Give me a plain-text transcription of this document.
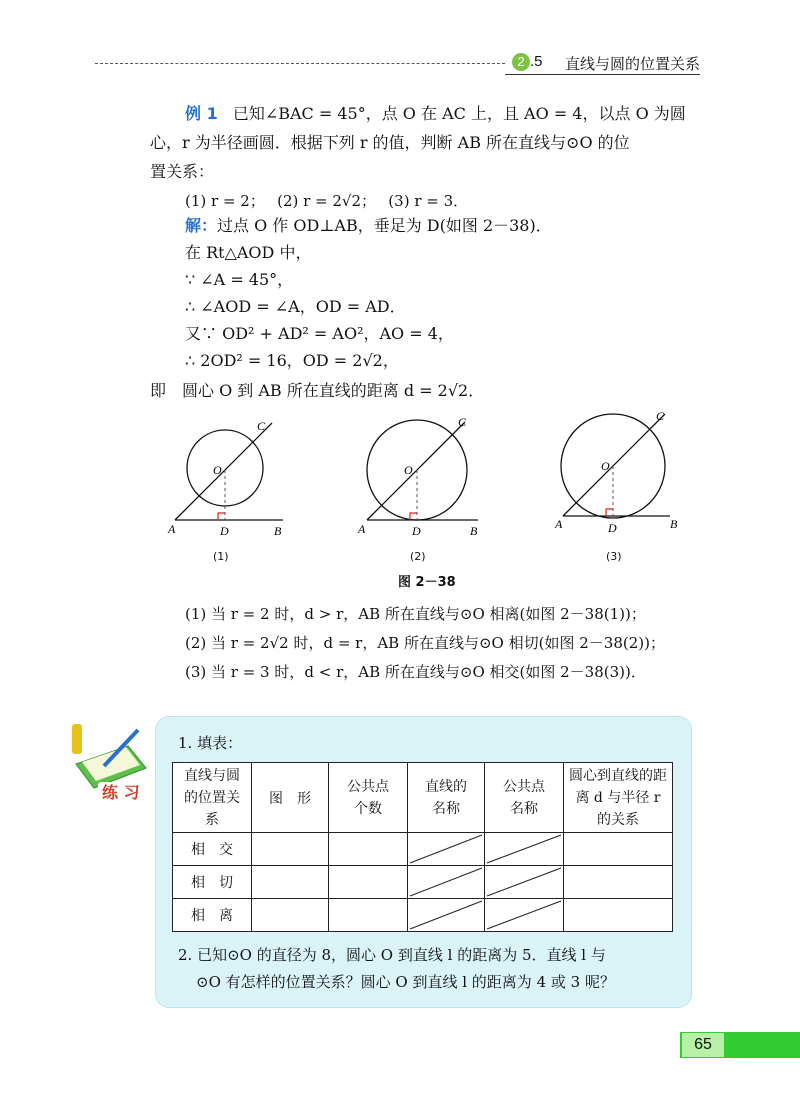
2 .5 直线与圆的位置关系
例 1 已知∠BAC = 45°，点 O 在 AC 上，且 AO = 4，以点 O 为圆
心，r 为半径画圆．根据下列 r 的值，判断 AB 所在直线与⊙O 的位
置关系：
(1) r = 2；　 (2) r = 2√2；　 (3) r = 3．
解：过点 O 作 OD⊥AB，垂足为 D(如图 2－38)．
在 Rt△AOD 中，
∵ ∠A = 45°，
∴ ∠AOD = ∠A，OD = AD．
又∵ OD² + AD² = AO²，AO = 4，
∴ 2OD² = 16，OD = 2√2，
即　圆心 O 到 AB 所在直线的距离 d = 2√2．
A	D	B
C
O
A	D	B
C
O
A	D	B
C
O
(1)	(2)	(3)
图 2－38
(1) 当 r = 2 时，d > r，AB 所在直线与⊙O 相离(如图 2－38(1))；
(2) 当 r = 2√2 时，d = r，AB 所在直线与⊙O 相切(如图 2－38(2))；
(3) 当 r = 3 时，d < r，AB 所在直线与⊙O 相交(如图 2－38(3))．
练 习
1. 填表：
直线与圆的位置关系	图　形	公共点个数	直线的名称	公共点名称	圆心到直线的距离 d 与半径 r 的关系

相　交			

相　切			

相　离			

2. 已知⊙O 的直径为 8，圆心 O 到直线 l 的距离为 5．直线 l 与
⊙O 有怎样的位置关系？圆心 O 到直线 l 的距离为 4 或 3 呢？
65
